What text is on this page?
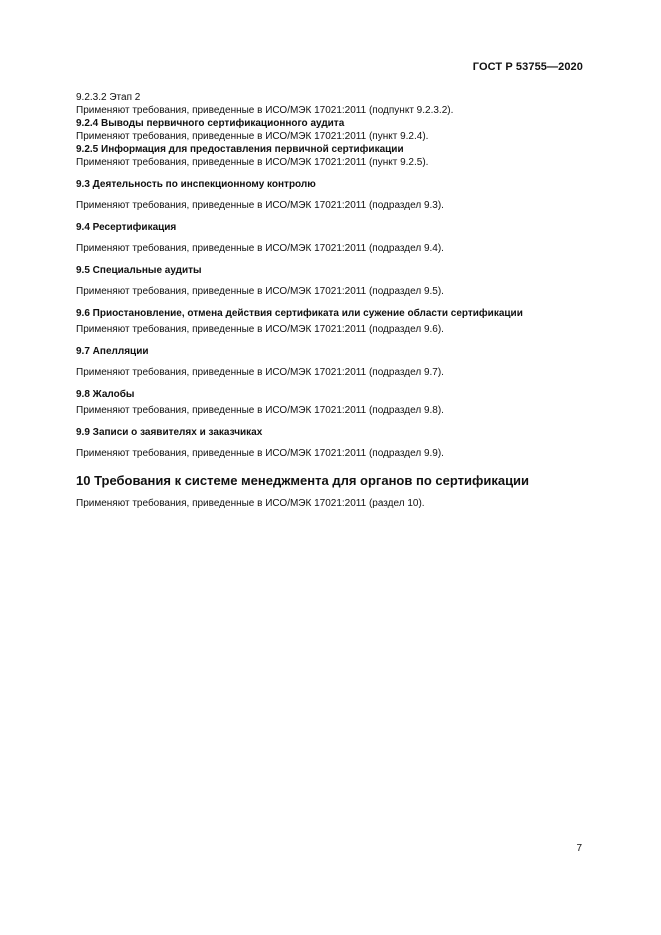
ГОСТ Р 53755—2020
9.2.3.2 Этап 2
Применяют требования, приведенные в ИСО/МЭК 17021:2011 (подпункт 9.2.3.2).
9.2.4 Выводы первичного сертификационного аудита
Применяют требования, приведенные в ИСО/МЭК 17021:2011 (пункт 9.2.4).
9.2.5 Информация для предоставления первичной сертификации
Применяют требования, приведенные в ИСО/МЭК 17021:2011 (пункт 9.2.5).
9.3 Деятельность по инспекционному контролю
Применяют требования, приведенные в ИСО/МЭК 17021:2011 (подраздел 9.3).
9.4 Ресертификация
Применяют требования, приведенные в ИСО/МЭК 17021:2011 (подраздел 9.4).
9.5 Специальные аудиты
Применяют требования, приведенные в ИСО/МЭК 17021:2011 (подраздел 9.5).
9.6 Приостановление, отмена действия сертификата или сужение области сертификации
Применяют требования, приведенные в ИСО/МЭК 17021:2011 (подраздел 9.6).
9.7 Апелляции
Применяют требования, приведенные в ИСО/МЭК 17021:2011 (подраздел 9.7).
9.8 Жалобы
Применяют требования, приведенные в ИСО/МЭК 17021:2011 (подраздел 9.8).
9.9 Записи о заявителях и заказчиках
Применяют требования, приведенные в ИСО/МЭК 17021:2011 (подраздел 9.9).
10 Требования к системе менеджмента для органов по сертификации
Применяют требования, приведенные в ИСО/МЭК 17021:2011 (раздел 10).
7
